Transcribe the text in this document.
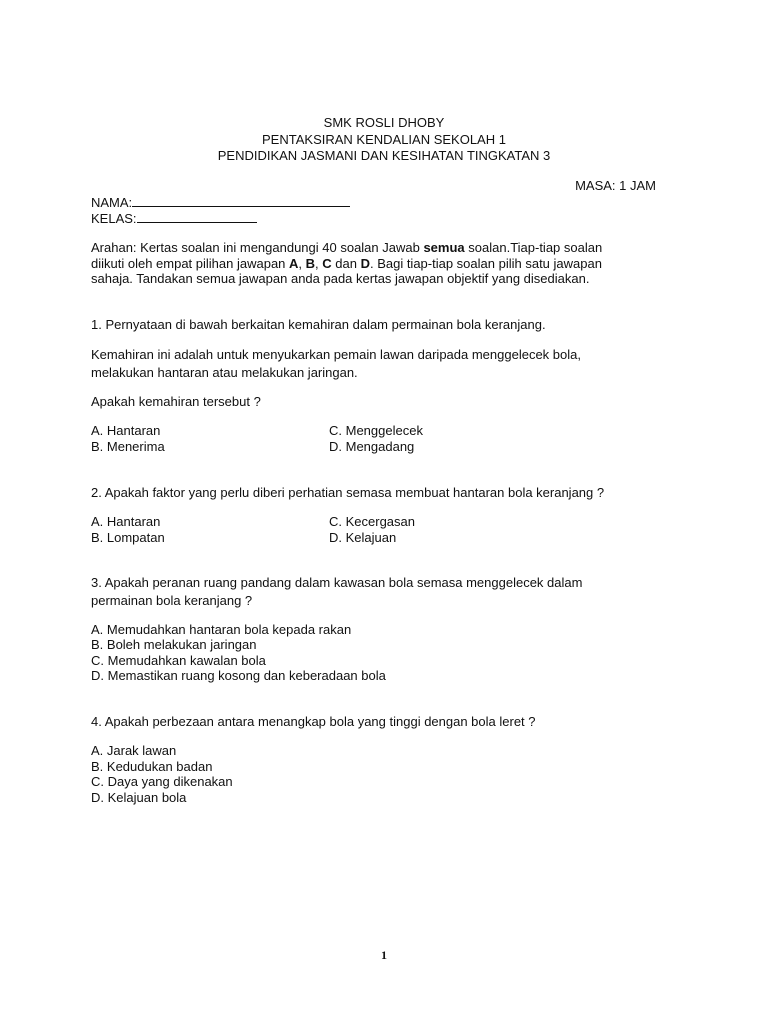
SMK ROSLI DHOBY
PENTAKSIRAN KENDALIAN SEKOLAH 1
PENDIDIKAN JASMANI DAN KESIHATAN TINGKATAN 3
MASA: 1 JAM
NAMA:
KELAS:
Arahan: Kertas soalan ini mengandungi 40 soalan Jawab semua soalan.Tiap-tiap soalan
diikuti oleh empat pilihan jawapan A, B, C dan D. Bagi tiap-tiap soalan pilih satu jawapan
sahaja. Tandakan semua jawapan anda pada kertas jawapan objektif yang disediakan.
1. Pernyataan di bawah berkaitan kemahiran dalam permainan bola keranjang.
Kemahiran ini adalah untuk menyukarkan pemain lawan daripada menggelecek bola,
melakukan hantaran atau melakukan jaringan.
Apakah kemahiran tersebut ?
A. Hantaran
B. Menerima
C. Menggelecek
D. Mengadang
2. Apakah faktor yang perlu diberi perhatian semasa membuat hantaran bola keranjang ?
A. Hantaran
B. Lompatan
C. Kecergasan
D. Kelajuan
3. Apakah peranan ruang pandang dalam kawasan bola semasa menggelecek dalam
permainan bola keranjang ?
A. Memudahkan hantaran bola kepada rakan
B. Boleh melakukan jaringan
C. Memudahkan kawalan bola
D. Memastikan ruang kosong dan keberadaan bola
4. Apakah perbezaan antara menangkap bola yang tinggi dengan bola leret ?
A. Jarak lawan
B. Kedudukan badan
C. Daya yang dikenakan
D. Kelajuan bola
1
